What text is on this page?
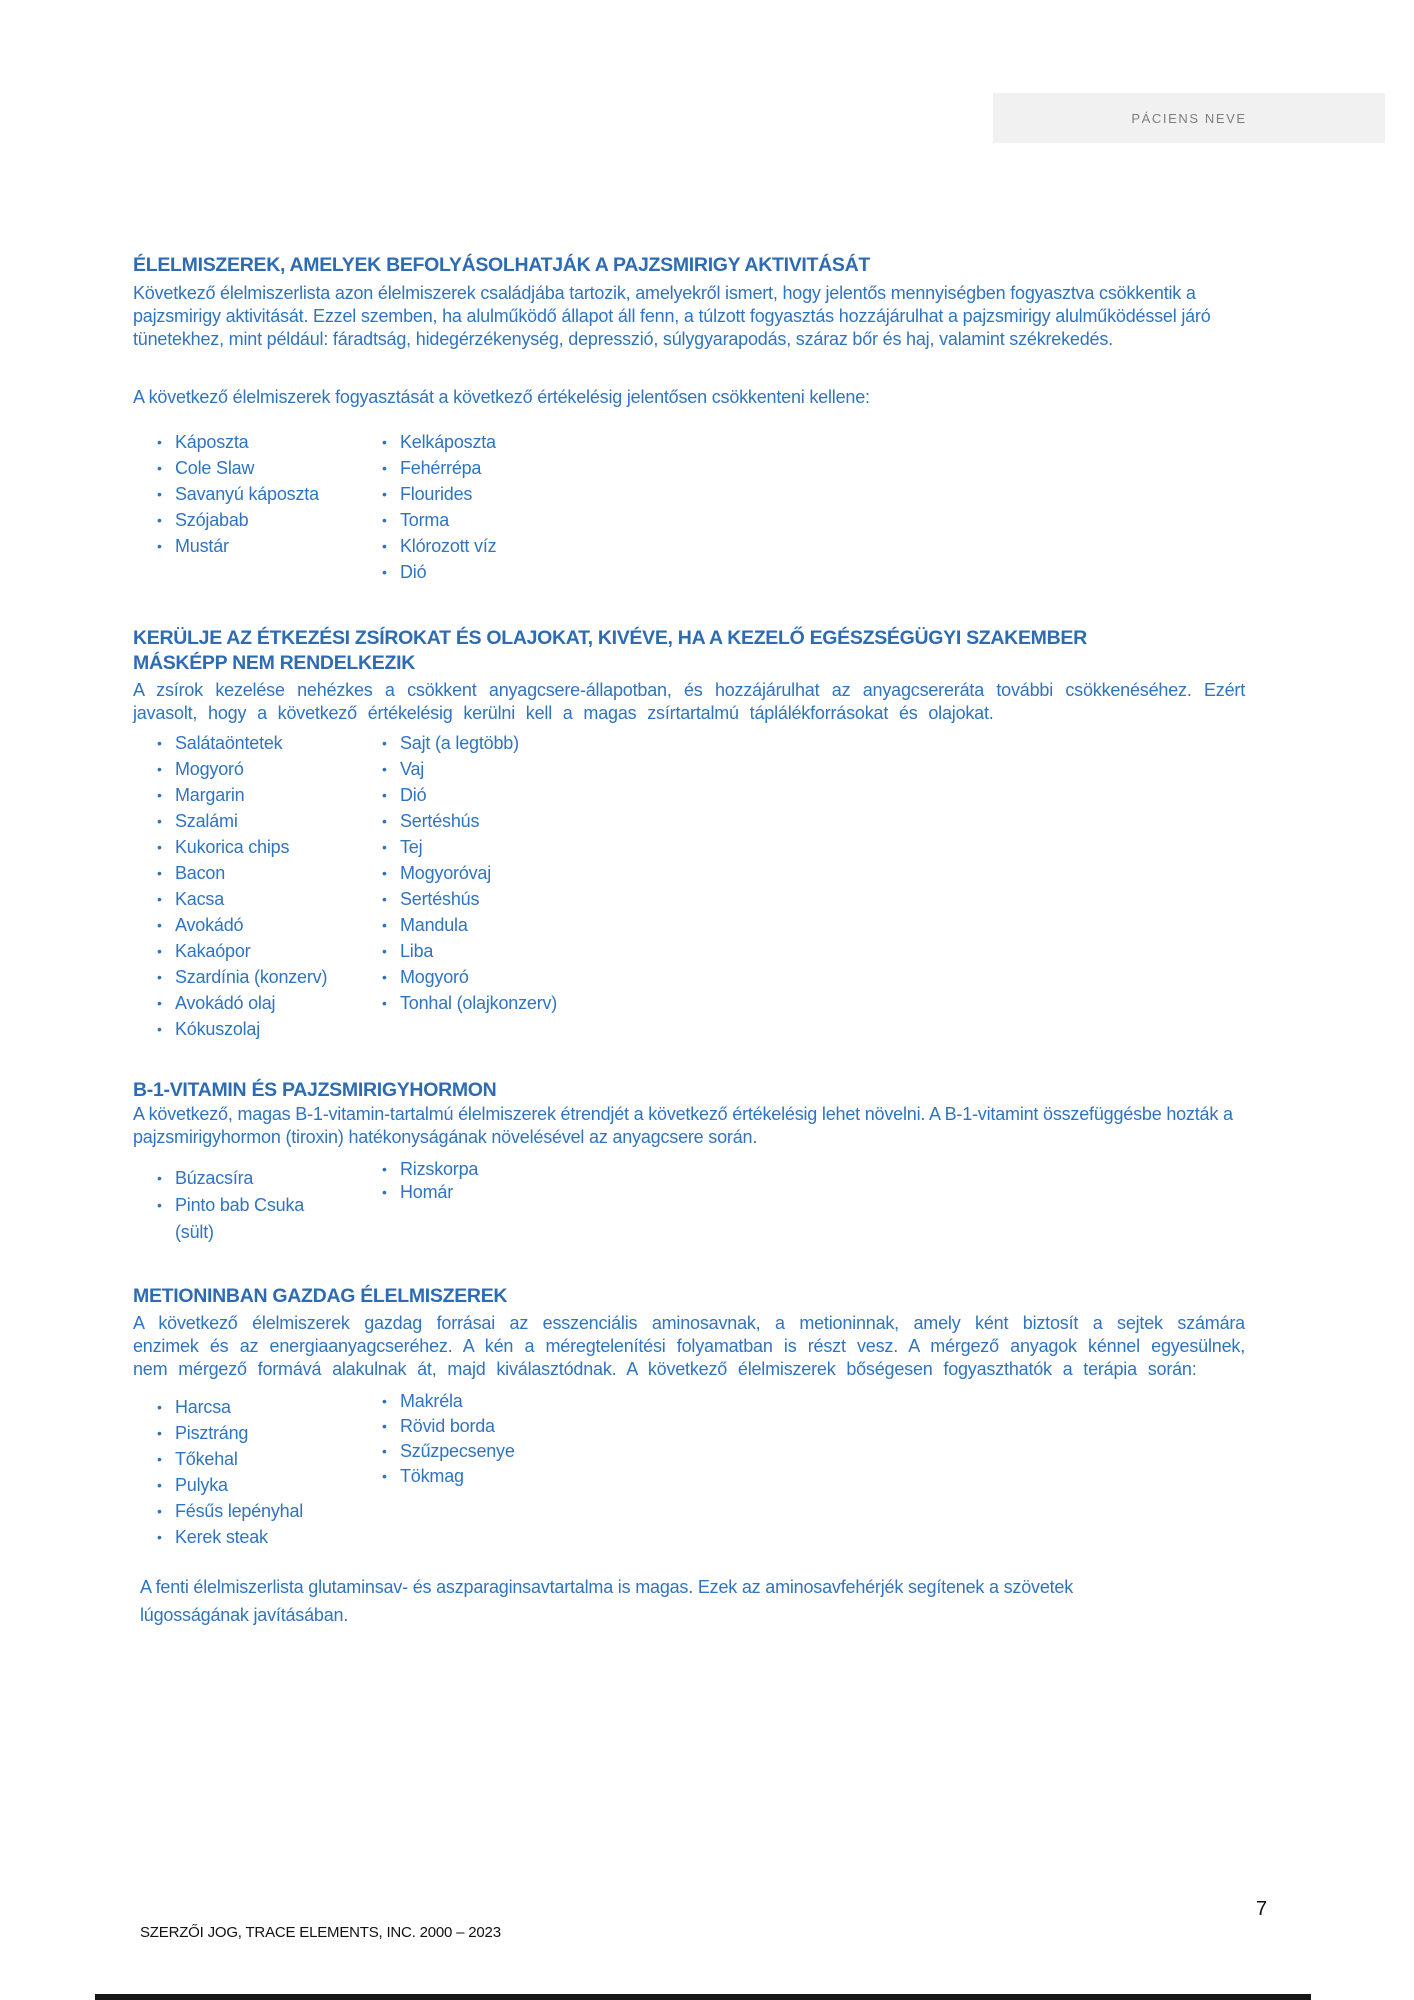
PÁCIENS NEVE
ÉLELMISZEREK, AMELYEK BEFOLYÁSOLHATJÁK A PAJZSMIRIGY AKTIVITÁSÁT

Következő élelmiszerlista azon élelmiszerek családjába tartozik, amelyekről ismert, hogy jelentős mennyiségben fogyasztva csökkentik a pajzsmirigy aktivitását. Ezzel szemben, ha alulműködő állapot áll fenn, a túlzott fogyasztás hozzájárulhat a pajzsmirigy alulműködéssel járó tünetekhez, mint például: fáradtság, hidegérzékenység, depresszió, súlygyarapodás, száraz bőr és haj, valamint székrekedés.

A következő élelmiszerek fogyasztását a következő értékelésig jelentősen csökkenteni kellene:

• Káposzta
• Cole Slaw
• Savanyú káposzta
• Szójabab
• Mustár
• Kelkáposzta
• Fehérrépa
• Flourides
• Torma
• Klórozott víz
• Dió
KERÜLJE AZ ÉTKEZÉSI ZSÍROKAT ÉS OLAJOKAT, KIVÉVE, HA A KEZELŐ EGÉSZSÉGÜGYI SZAKEMBER
MÁSKÉPP NEM RENDELKEZIK

A zsírok kezelése nehézkes a csökkent anyagcsere-állapotban, és hozzájárulhat az anyagcsereráta további csökkenéséhez. Ezért javasolt, hogy a következő értékelésig kerülni kell a magas zsírtartalmú táplálékforrásokat és olajokat.

• Salátaöntetek
• Mogyoró
• Margarin
• Szalámi
• Kukorica chips
• Bacon
• Kacsa
• Avokádó
• Kakaópor
• Szardínia (konzerv)
• Avokádó olaj
• Kókuszolaj
• Sajt (a legtöbb)
• Vaj
• Dió
• Sertéshús
• Tej
• Mogyoróvaj
• Sertéshús
• Mandula
• Liba
• Mogyoró
• Tonhal (olajkonzerv)
B-1-VITAMIN ÉS PAJZSMIRIGYHORMON

A következő, magas B-1-vitamin-tartalmú élelmiszerek étrendjét a következő értékelésig lehet növelni. A B-1-vitamint összefüggésbe hozták a pajzsmirigyhormon (tiroxin) hatékonyságának növelésével az anyagcsere során.

• Búzacsíra
• Pinto bab Csuka (sült)
• Rizskorpa
• Homár
METIONINBAN GAZDAG ÉLELMISZEREK

A következő élelmiszerek gazdag forrásai az esszenciális aminosavnak, a metioninnak, amely ként biztosít a sejtek számára enzimek és az energiaanyagcseréhez. A kén a méregtelenítési folyamatban is részt vesz. A mérgező anyagok kénnel egyesülnek, nem mérgező formává alakulnak át, majd kiválasztódnak. A következő élelmiszerek bőségesen fogyaszthatók a terápia során:

• Harcsa
• Pisztráng
• Tőkehal
• Pulyka
• Fésűs lepényhal
• Kerek steak
• Makréla
• Rövid borda
• Szűzpecsenye
• Tökmag

A fenti élelmiszerlista glutaminsav- és aszparaginsavtartalma is magas. Ezek az aminosavfehérjék segítenek a szövetek lúgosságának javításában.

SZERZŐI JOG, TRACE ELEMENTS, INC. 2000 – 2023
7
